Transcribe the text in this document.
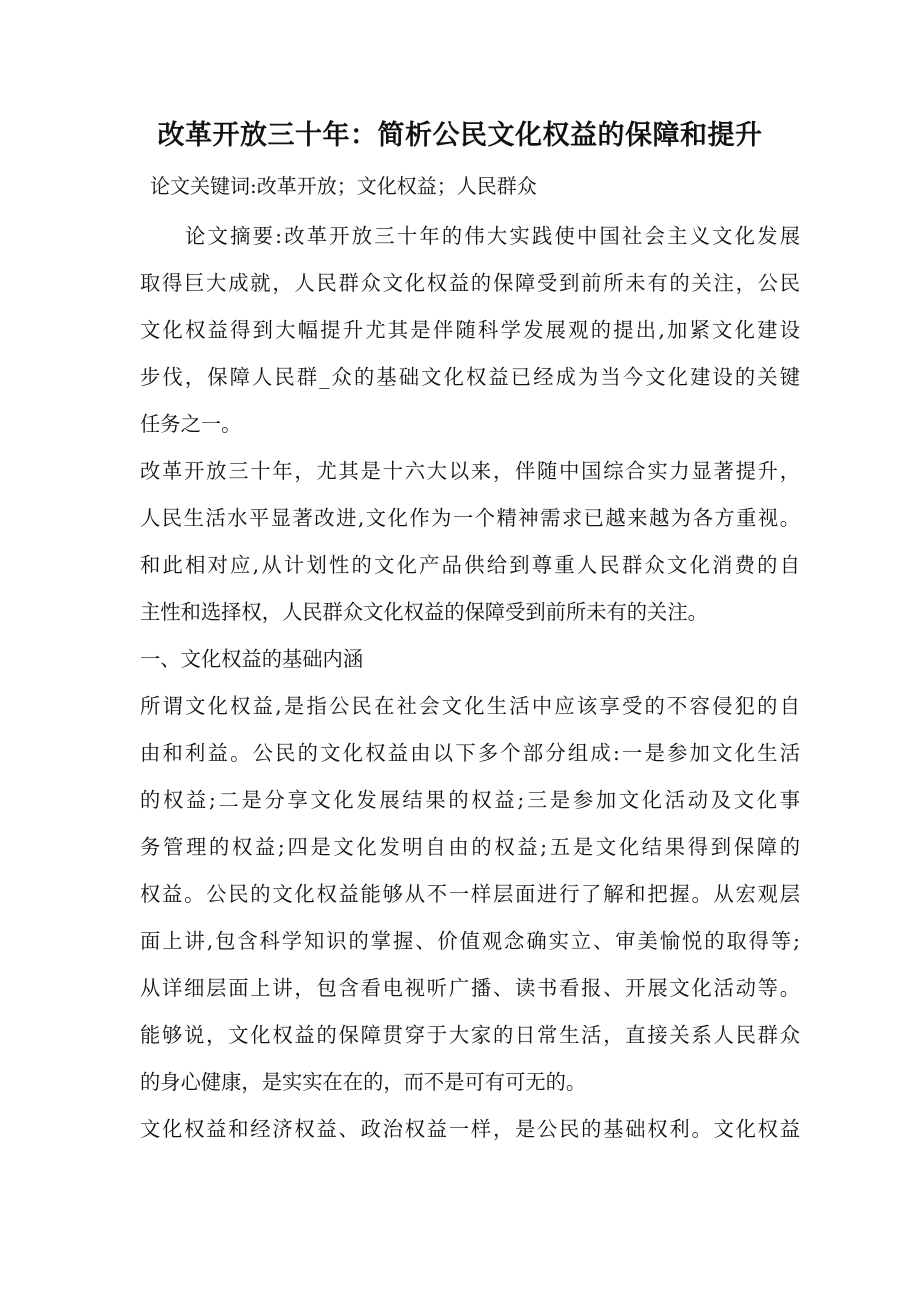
改革开放三十年：简析公民文化权益的保障和提升
论文关键词:改革开放；文化权益；人民群众
　　论文摘要:改革开放三十年的伟大实践使中国社会主义文化发展
取得巨大成就，人民群众文化权益的保障受到前所未有的关注，公民
文化权益得到大幅提升尤其是伴随科学发展观的提出,加紧文化建设
步伐，保障人民群_众的基础文化权益已经成为当今文化建设的关键
任务之一。
改革开放三十年，尤其是十六大以来，伴随中国综合实力显著提升，
人民生活水平显著改进,文化作为一个精神需求已越来越为各方重视。
和此相对应,从计划性的文化产品供给到尊重人民群众文化消费的自
主性和选择权，人民群众文化权益的保障受到前所未有的关注。
一、文化权益的基础内涵
所谓文化权益,是指公民在社会文化生活中应该享受的不容侵犯的自
由和利益。公民的文化权益由以下多个部分组成:一是参加文化生活
的权益;二是分享文化发展结果的权益;三是参加文化活动及文化事
务管理的权益;四是文化发明自由的权益;五是文化结果得到保障的
权益。公民的文化权益能够从不一样层面进行了解和把握。从宏观层
面上讲,包含科学知识的掌握、价值观念确实立、审美愉悦的取得等;
从详细层面上讲，包含看电视听广播、读书看报、开展文化活动等。
能够说，文化权益的保障贯穿于大家的日常生活，直接关系人民群众
的身心健康，是实实在在的，而不是可有可无的。
文化权益和经济权益、政治权益一样，是公民的基础权利。文化权益
